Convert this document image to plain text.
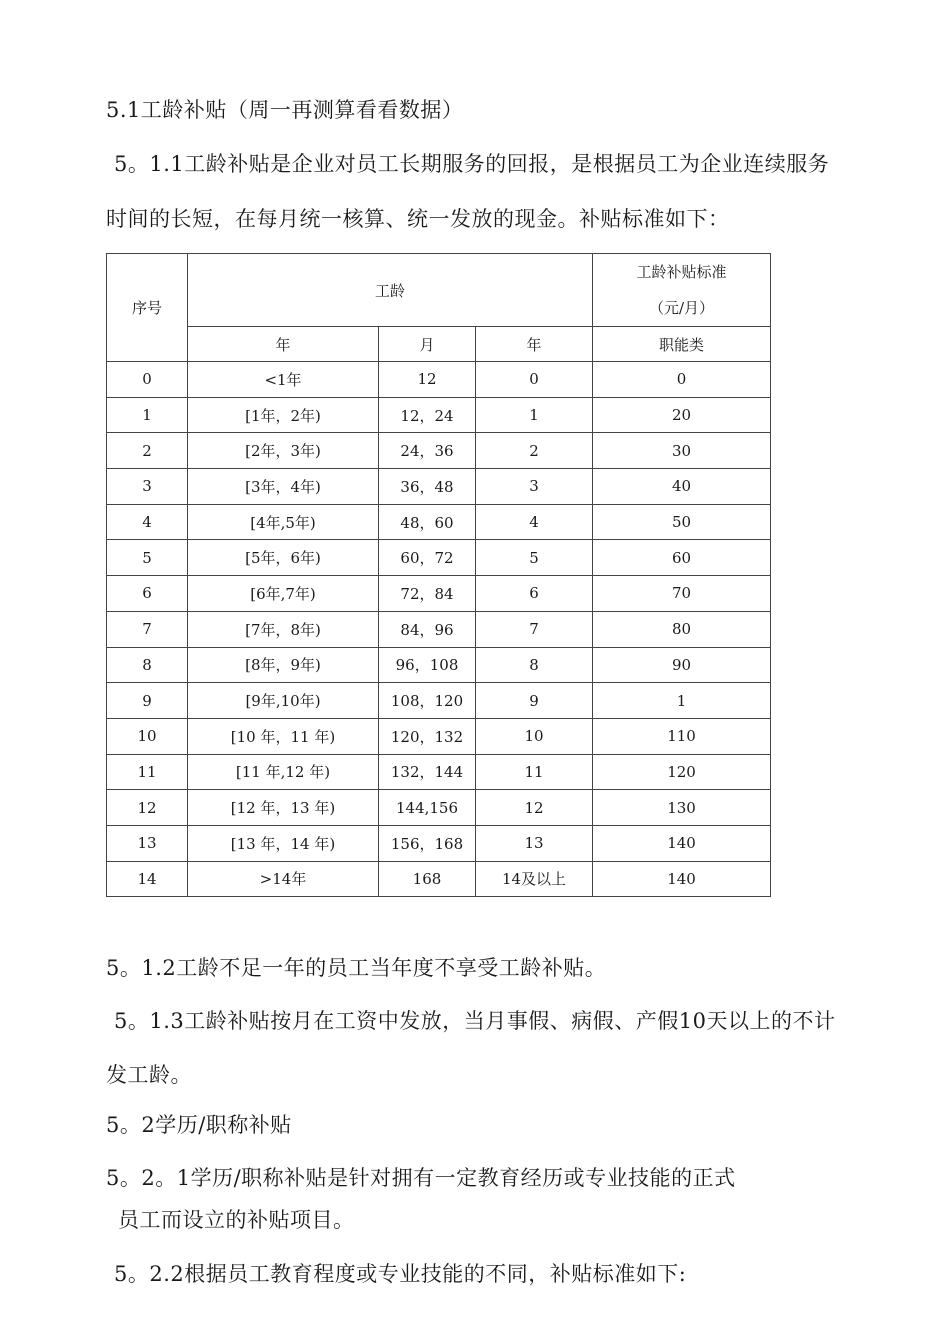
5.1工龄补贴（周一再测算看看数据）
5。1.1工龄补贴是企业对员工长期服务的回报，是根据员工为企业连续服务
时间的长短，在每月统一核算、统一发放的现金。补贴标准如下：
序号	工龄			工龄补贴标准
（元/月）

	年	月	年	职能类
0	<1年	12	0	0
1	[1年，2年)	12，24	1	20
2	[2年，3年)	24，36	2	30
3	[3年，4年)	36，48	3	40
4	[4年,5年)	48，60	4	50
5	[5年，6年)	60，72	5	60
6	[6年,7年)	72，84	6	70
7	[7年，8年)	84，96	7	80
8	[8年，9年)	96，108	8	90
9	[9年,10年)	108，120	9	1
10	[10 年，11 年)	120，132	10	110
11	[11 年,12 年)	132，144	11	120
12	[12 年，13 年)	144,156	12	130
13	[13 年，14 年)	156，168	13	140
14	>14年	168	14及以上	140
5。1.2工龄不足一年的员工当年度不享受工龄补贴。
5。1.3工龄补贴按月在工资中发放，当月事假、病假、产假10天以上的不计
发工龄。
5。2学历/职称补贴
5。2。1学历/职称补贴是针对拥有一定教育经历或专业技能的正式
员工而设立的补贴项目。
5。2.2根据员工教育程度或专业技能的不同，补贴标准如下:
